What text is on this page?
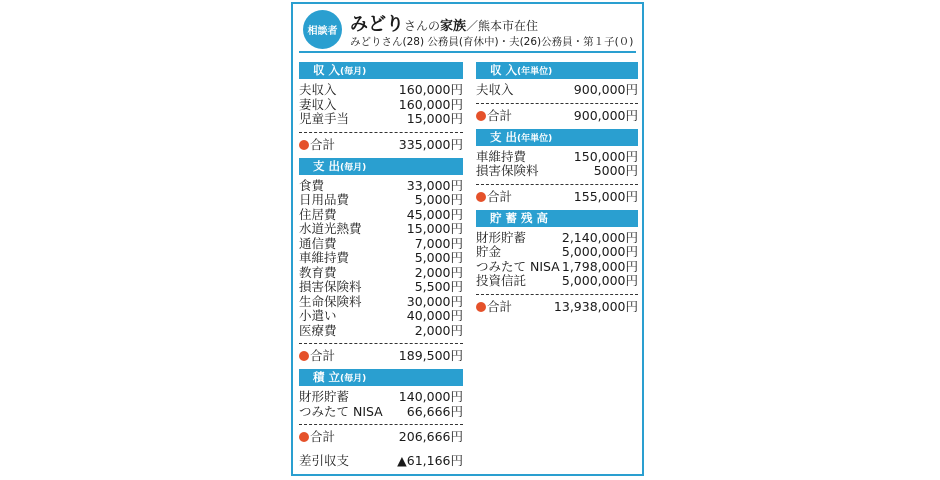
相談者 みどりさんの家族／熊本市在住
みどりさん(28) 公務員(育休中)・夫(26)公務員・第１子(０)
収 入(毎月)
夫収入	160,000円
妻収入	160,000円
児童手当	15,000円
合計	335,000円
支 出(毎月)
食費	33,000円
日用品費	5,000円
住居費	45,000円
水道光熱費	15,000円
通信費	7,000円
車維持費	5,000円
教育費	2,000円
損害保険料	5,500円
生命保険料	30,000円
小遣い	40,000円
医療費	2,000円
合計	189,500円
積 立(毎月)
財形貯蓄	140,000円
つみたて NISA 66,666円
合計	206,666円
差引収支	▲61,166円
収 入(年単位)
夫収入	900,000円
合計	900,000円
支 出(年単位)
車維持費	150,000円
損害保険料	5000円
合計	155,000円
貯 蓄 残 高
財形貯蓄	2,140,000円
貯金	5,000,000円
つみたて NISA 1,798,000円
投資信託	5,000,000円
合計	13,938,000円
